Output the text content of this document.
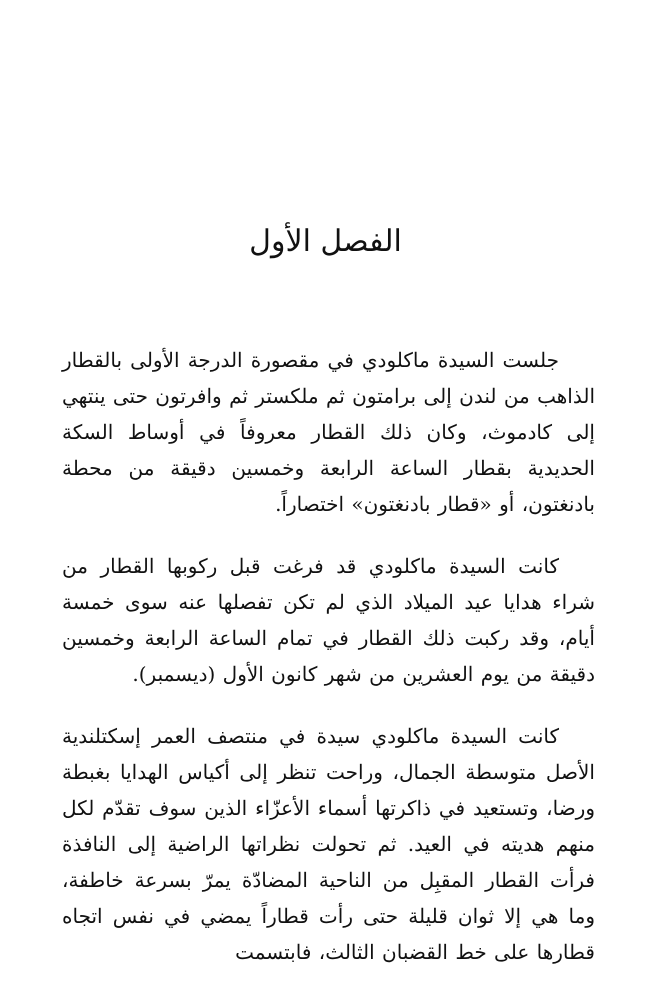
الفصل الأول

جلست السيدة ماكلودي في مقصورة الدرجة الأولى بالقطار الذاهب من لندن إلى برامتون ثم ملكستر ثم وافرتون حتى ينتهي إلى كادموث، وكان ذلك القطار معروفاً في أوساط السكة الحديدية بقطار الساعة الرابعة وخمسين دقيقة من محطة بادنغتون، أو «قطار بادنغتون» اختصاراً.

كانت السيدة ماكلودي قد فرغت قبل ركوبها القطار من شراء هدايا عيد الميلاد الذي لم تكن تفصلها عنه سوى خمسة أيام، وقد ركبت ذلك القطار في تمام الساعة الرابعة وخمسين دقيقة من يوم العشرين من شهر كانون الأول (ديسمبر).

كانت السيدة ماكلودي سيدة في منتصف العمر إسكتلندية الأصل متوسطة الجمال، وراحت تنظر إلى أكياس الهدايا بغبطة ورضا، وتستعيد في ذاكرتها أسماء الأعزّاء الذين سوف تقدّم لكل منهم هديته في العيد. ثم تحولت نظراتها الراضية إلى النافذة فرأت القطار المقبِل من الناحية المضادّة يمرّ بسرعة خاطفة، وما هي إلا ثوان قليلة حتى رأت قطاراً يمضي في نفس اتجاه قطارها على خط القضبان الثالث، فابتسمت
